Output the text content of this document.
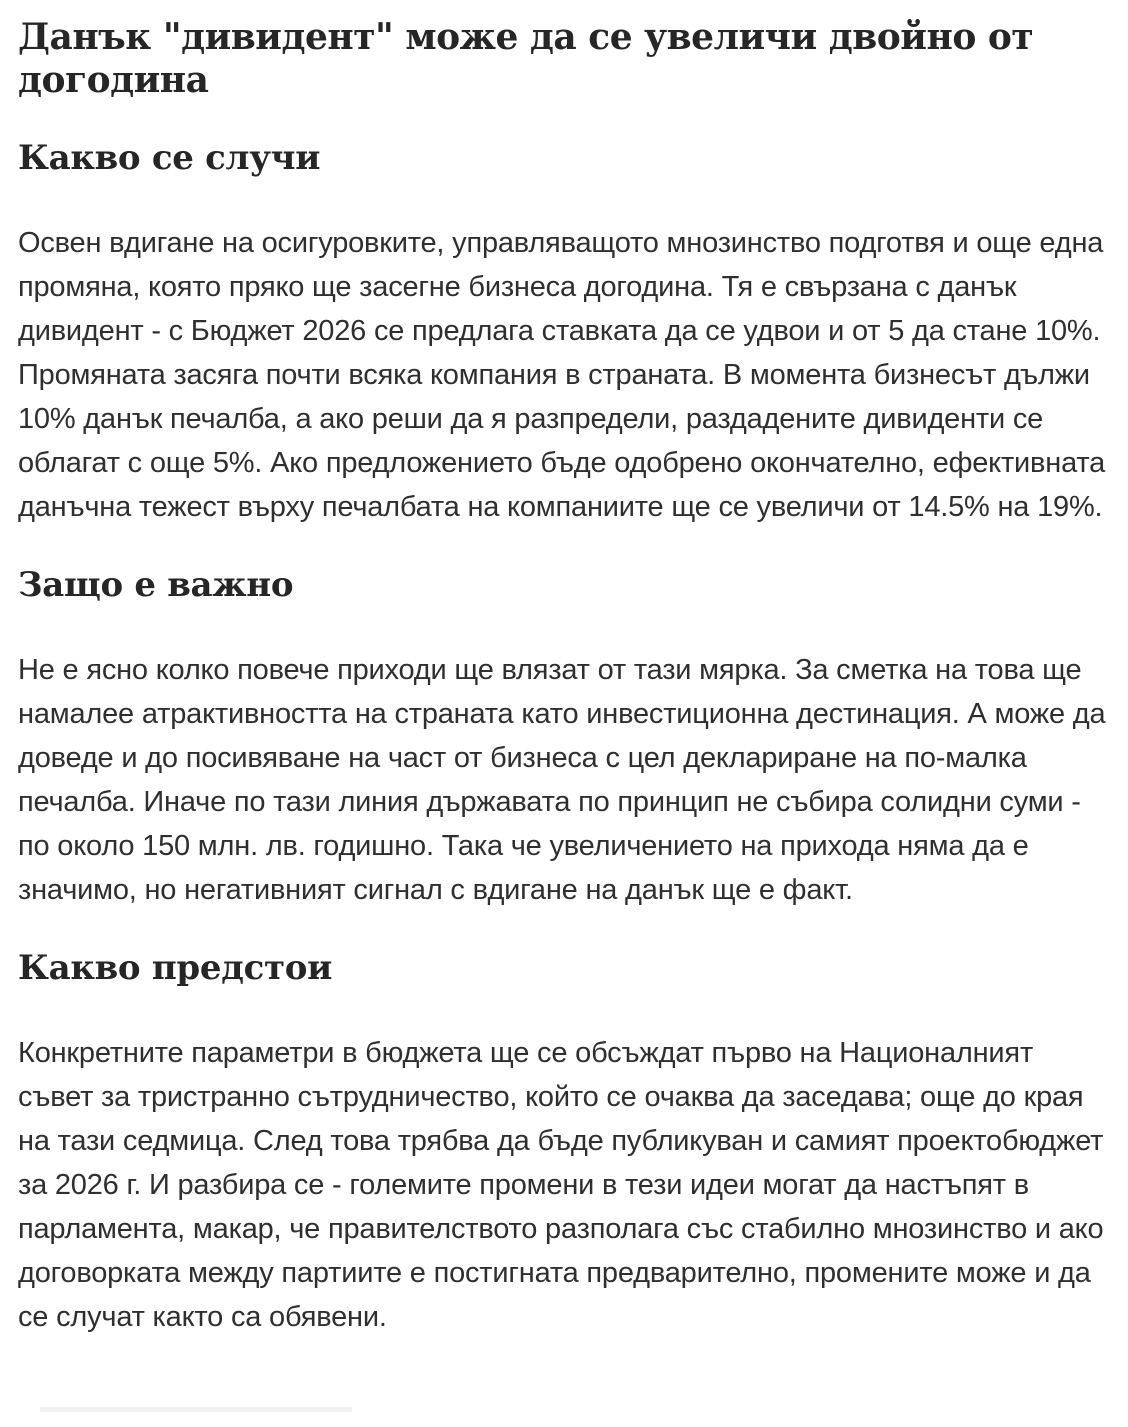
Данък "дивидент" може да се увеличи двойно от догодина
Какво се случи

Освен вдигане на осигуровките, управляващото мнозинство подготвя и още една промяна, която пряко ще засегне бизнеса догодина. Тя е свързана с данък дивидент - с Бюджет 2026 се предлага ставката да се удвои и от 5 да стане 10%. Промяната засяга почти всяка компания в страната. В момента бизнесът дължи 10% данък печалба, а ако реши да я разпредели, раздадените дивиденти се облагат с още 5%. Ако предложението бъде одобрено окончателно, ефективната данъчна тежест върху печалбата на компаниите ще се увеличи от 14.5% на 19%.

Защо е важно

Не е ясно колко повече приходи ще влязат от тази мярка. За сметка на това ще намалее атрактивността на страната като инвестиционна дестинация. А може да доведе и до посивяване на част от бизнеса с цел деклариране на по-малка печалба. Иначе по тази линия държавата по принцип не събира солидни суми - по около 150 млн. лв. годишно. Така че увеличението на прихода няма да е значимо, но негативният сигнал с вдигане на данък ще е факт.

Какво предстои

Конкретните параметри в бюджета ще се обсъждат първо на Националният съвет за тристранно сътрудничество, който се очаква да заседава; още до края на тази седмица. След това трябва да бъде публикуван и самият проектобюджет за 2026 г. И разбира се - големите промени в тези идеи могат да настъпят в парламента, макар, че правителството разполага със стабилно мнозинство и ако договорката между партиите е постигната предварително, промените може и да се случат както са обявени.
